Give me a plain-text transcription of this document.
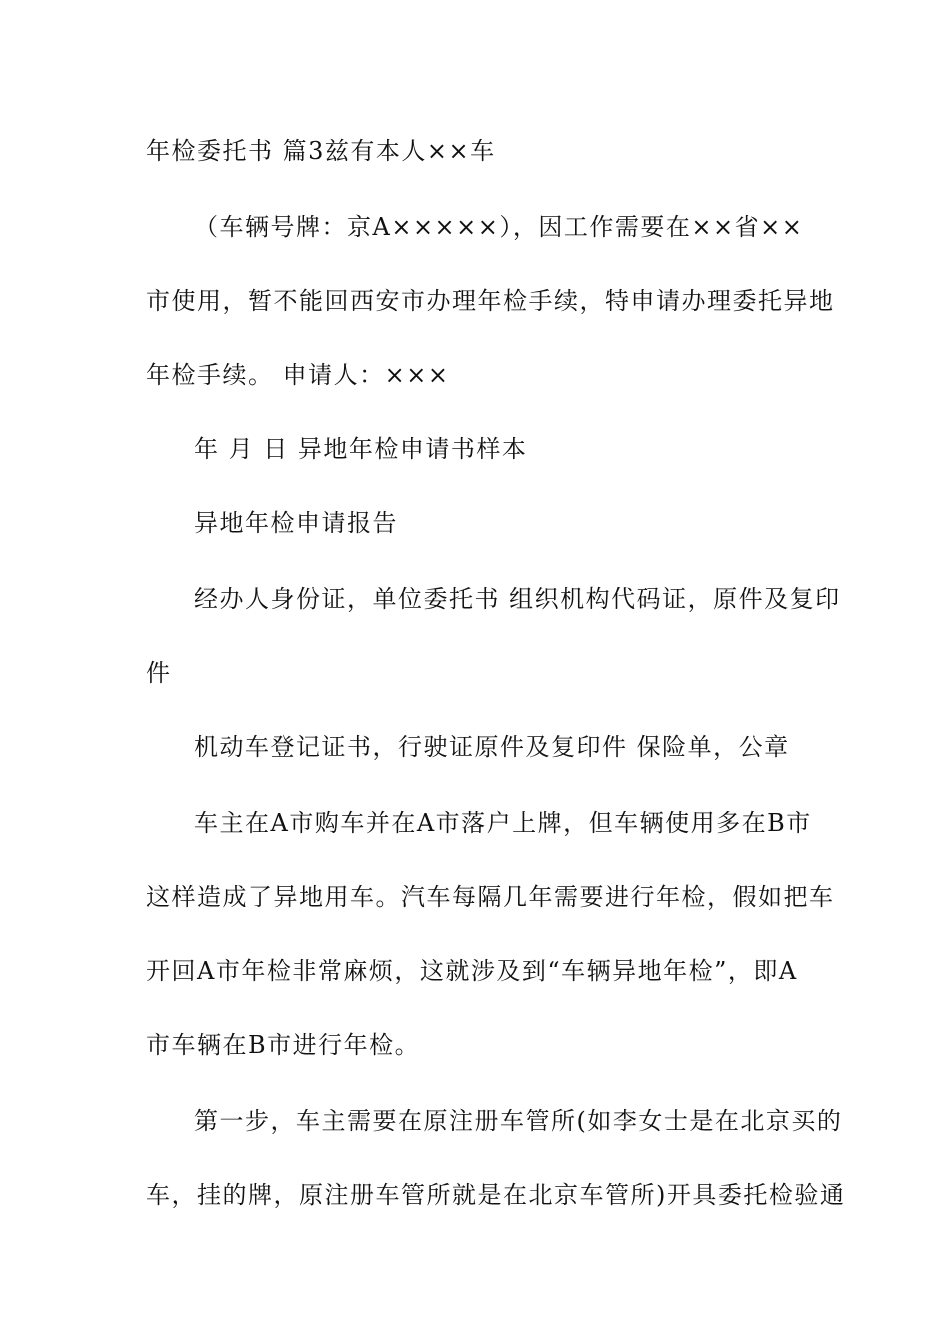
年检委托书 篇3兹有本人××车
（车辆号牌：京A×××××），因工作需要在××省××
市使用，暂不能回西安市办理年检手续，特申请办理委托异地
年检手续。 申请人：×××
年 月 日 异地年检申请书样本
异地年检申请报告
经办人身份证，单位委托书 组织机构代码证，原件及复印
件
机动车登记证书，行驶证原件及复印件 保险单，公章
车主在A市购车并在A市落户上牌，但车辆使用多在B市
这样造成了异地用车。汽车每隔几年需要进行年检，假如把车
开回A市年检非常麻烦，这就涉及到“车辆异地年检”，即A
市车辆在B市进行年检。
第一步，车主需要在原注册车管所(如李女士是在北京买的
车，挂的牌，原注册车管所就是在北京车管所)开具委托检验通
